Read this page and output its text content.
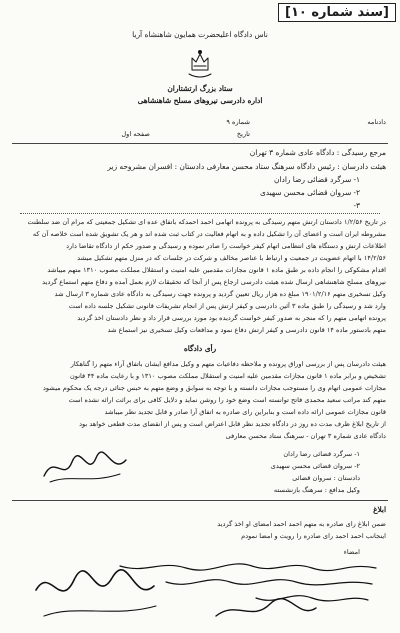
[سند شماره ۱۰]
ناس دادگاه اعلیحضرت همایون شاهنشاه آریا
ستاد بزرگ ارتشتاران
اداره دادرسی نیروهای مسلح شاهنشاهی
شماره ۹
تاریخ
صفحه اول
دادنامه
مرجع رسیدگی : دادگاه عادی شماره ۳ تهران
هیئت دادرسان : رئیس دادگاه سرهنگ ستاد محسن معارفی دادستان : افسران مشروحه زیر
۱- سرگرد قضائی رضا رادان
۲- سروان قضائی محسن سهیدی
۳-
در تاریخ ۱/۲/۵۶ دادستان ارتش متهم رسیدگی به پرونده اتهامی احمد احمدکه باتفاق عده ای تشکیل جمعیتی که مرام آن ضد سلطنت
مشروطه ایران است و اعضای آن را تشکیل داده و به اتهام فعالیت در کتاب ثبت شده اند و هر یک تشویق شده است خلاصه آن که
اطلاعات ارتش و دستگاه های انتظامی اتهام کیفر خواست را صادر نموده و رسیدگی و صدور حکم از دادگاه تقاضا دارد
۱۴/۲/۵۶ با اتهام عضویت در جمعیت و ارتباط با عناصر مخالف و شرکت در جلسات که در منزل متهم تشکیل میشد
اقدام مشکوکی را انجام داده بر طبق ماده ۱ قانون مجازات مقدمین علیه امنیت و استقلال مملکت مصوب ۱۳۱۰ متهم میباشد
نیروهای مسلح شاهنشاهی ارسال شده هیئت دادرسی ارجاع پس از آنجا که تحقیقات لازم بعمل آمده و دفاع متهم استماع گردید
وکیل تسخیری متهم ۱۹۰۱/۲/۱۶ مبلغ ده هزار ریال تعیین گردید و پرونده جهت رسیدگی به دادگاه عادی شماره ۳ ارسال شد
وارد شد و رسیدگی را طبق ماده ۳ آئین دادرسی و کیفر ارتش پس از انجام تشریفات قانونی تشکیل جلسه داده است
پرونده اتهامی متهم را که منجر به صدور کیفر خواست گردیده بود مورد بررسی قرار داد و نظر دادستان اخذ گردید
متهم بادستور ماده ۱۴ قانون دادرسی و کیفر ارتش دفاع نمود و مدافعات وکیل تسخیری نیز استماع شد
رأی دادگاه
هیئت دادرسان پس از بررسی اوراق پرونده و ملاحظه دفاعیات متهم و وکیل مدافع ایشان باتفاق آراء متهم را گناهکار
تشخیص و برابر ماده ۱ قانون مجازات مقدمین علیه امنیت و استقلال مملکت مصوب ۱۳۱۰ و با رعایت ماده ۴۴ قانون
مجازات عمومی اتهام وی را مستوجب مجازات دانسته و با توجه به سوابق و وضع متهم به حبس جنائی درجه یک محکوم میشود
متهم کند مراتب سعید محمدی فاتح توانسته است وضع خود را روشن نماید و دلایل کافی برای برائت ارائه نشده است
قانون مجازات عمومی ارائه داده است و بنابراین رای صادره به اتفاق آرا صادر و قابل تجدید نظر میباشد
از تاریخ ابلاغ ظرف مدت ده روز در دادگاه تجدید نظر قابل اعتراض است و پس از انقضای مدت قطعی خواهد بود
دادگاه عادی شماره ۳ تهران - سرهنگ ستاد محسن معارفی
۱- سرگرد قضائی رضا رادان
۲- سروان قضائی محسن سهیدی
دادستان : سروان قضائی
وکیل مدافع : سرهنگ بازنشسته
ابلاغ
ضمن ابلاغ رای صادره به متهم احمد احمد امضای او اخذ گردید
اینجانب احمد احمد رای صادره را رویت و امضا نمودم
امضاء
